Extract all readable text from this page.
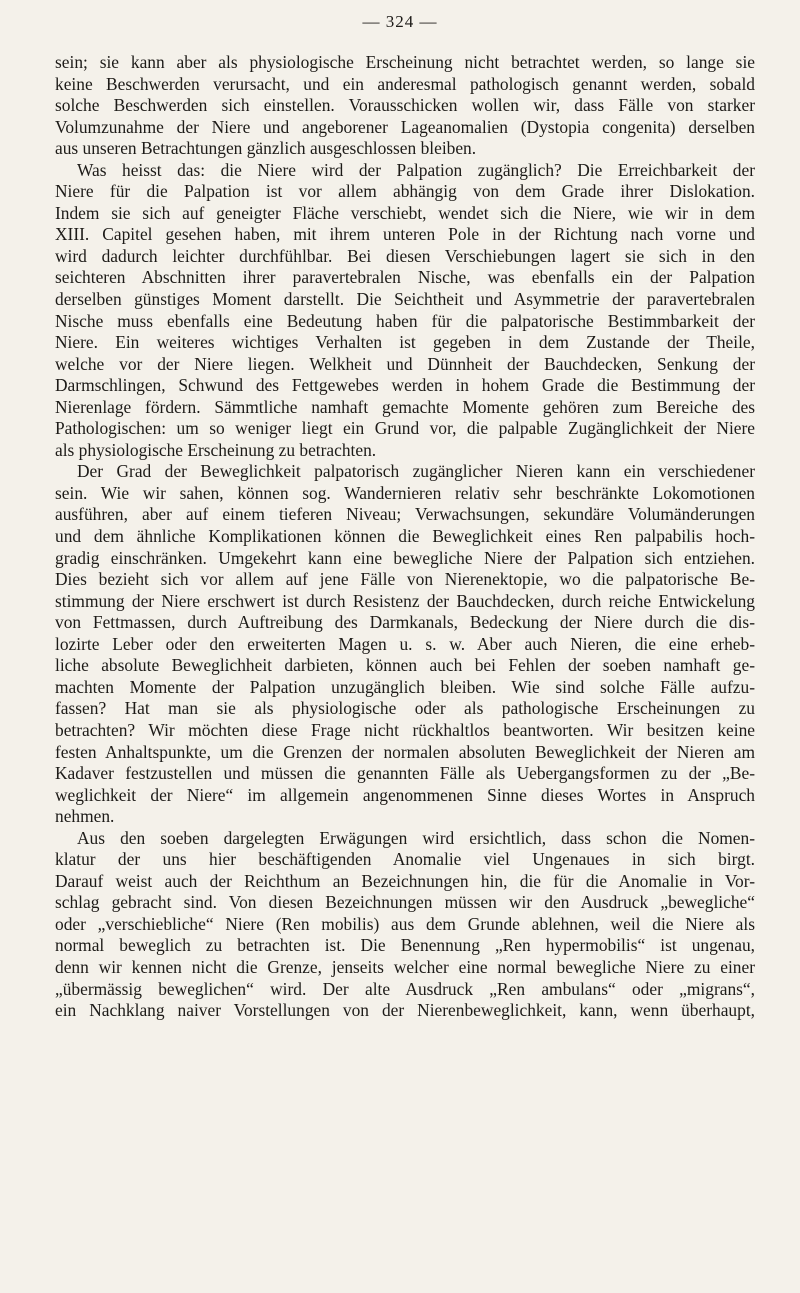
— 324 —
sein; sie kann aber als physiologische Erscheinung nicht betrachtet werden, so lange sie
keine Beschwerden verursacht, und ein anderesmal pathologisch genannt werden, sobald
solche Beschwerden sich einstellen. Vorausschicken wollen wir, dass Fälle von starker
Volumzunahme der Niere und angeborener Lageanomalien (Dystopia congenita) derselben
aus unseren Betrachtungen gänzlich ausgeschlossen bleiben.
Was heisst das: die Niere wird der Palpation zugänglich? Die Erreichbarkeit der
Niere für die Palpation ist vor allem abhängig von dem Grade ihrer Dislokation.
Indem sie sich auf geneigter Fläche verschiebt, wendet sich die Niere, wie wir in dem
XIII. Capitel gesehen haben, mit ihrem unteren Pole in der Richtung nach vorne und
wird dadurch leichter durchfühlbar. Bei diesen Verschiebungen lagert sie sich in den
seichteren Abschnitten ihrer paravertebralen Nische, was ebenfalls ein der Palpation
derselben günstiges Moment darstellt. Die Seichtheit und Asymmetrie der paravertebralen
Nische muss ebenfalls eine Bedeutung haben für die palpatorische Bestimmbarkeit der
Niere. Ein weiteres wichtiges Verhalten ist gegeben in dem Zustande der Theile,
welche vor der Niere liegen. Welkheit und Dünnheit der Bauchdecken, Senkung der
Darmschlingen, Schwund des Fettgewebes werden in hohem Grade die Bestimmung der
Nierenlage fördern. Sämmtliche namhaft gemachte Momente gehören zum Bereiche des
Pathologischen: um so weniger liegt ein Grund vor, die palpable Zugänglichkeit der Niere
als physiologische Erscheinung zu betrachten.
Der Grad der Beweglichkeit palpatorisch zugänglicher Nieren kann ein verschiedener
sein. Wie wir sahen, können sog. Wandernieren relativ sehr beschränkte Lokomotionen
ausführen, aber auf einem tieferen Niveau; Verwachsungen, sekundäre Volumänderungen
und dem ähnliche Komplikationen können die Beweglichkeit eines Ren palpabilis hoch-
gradig einschränken. Umgekehrt kann eine bewegliche Niere der Palpation sich entziehen.
Dies bezieht sich vor allem auf jene Fälle von Nierenektopie, wo die palpatorische Be-
stimmung der Niere erschwert ist durch Resistenz der Bauchdecken, durch reiche Entwickelung
von Fettmassen, durch Auftreibung des Darmkanals, Bedeckung der Niere durch die dis-
lozirte Leber oder den erweiterten Magen u. s. w. Aber auch Nieren, die eine erheb-
liche absolute Beweglichheit darbieten, können auch bei Fehlen der soeben namhaft ge-
machten Momente der Palpation unzugänglich bleiben. Wie sind solche Fälle aufzu-
fassen? Hat man sie als physiologische oder als pathologische Erscheinungen zu
betrachten? Wir möchten diese Frage nicht rückhaltlos beantworten. Wir besitzen keine
festen Anhaltspunkte, um die Grenzen der normalen absoluten Beweglichkeit der Nieren am
Kadaver festzustellen und müssen die genannten Fälle als Uebergangsformen zu der „Be-
weglichkeit der Niere“ im allgemein angenommenen Sinne dieses Wortes in Anspruch
nehmen.
Aus den soeben dargelegten Erwägungen wird ersichtlich, dass schon die Nomen-
klatur der uns hier beschäftigenden Anomalie viel Ungenaues in sich birgt.
Darauf weist auch der Reichthum an Bezeichnungen hin, die für die Anomalie in Vor-
schlag gebracht sind. Von diesen Bezeichnungen müssen wir den Ausdruck „bewegliche“
oder „verschiebliche“ Niere (Ren mobilis) aus dem Grunde ablehnen, weil die Niere als
normal beweglich zu betrachten ist. Die Benennung „Ren hypermobilis“ ist ungenau,
denn wir kennen nicht die Grenze, jenseits welcher eine normal bewegliche Niere zu einer
„übermässig beweglichen“ wird. Der alte Ausdruck „Ren ambulans“ oder „migrans“,
ein Nachklang naiver Vorstellungen von der Nierenbeweglichkeit, kann, wenn überhaupt,
